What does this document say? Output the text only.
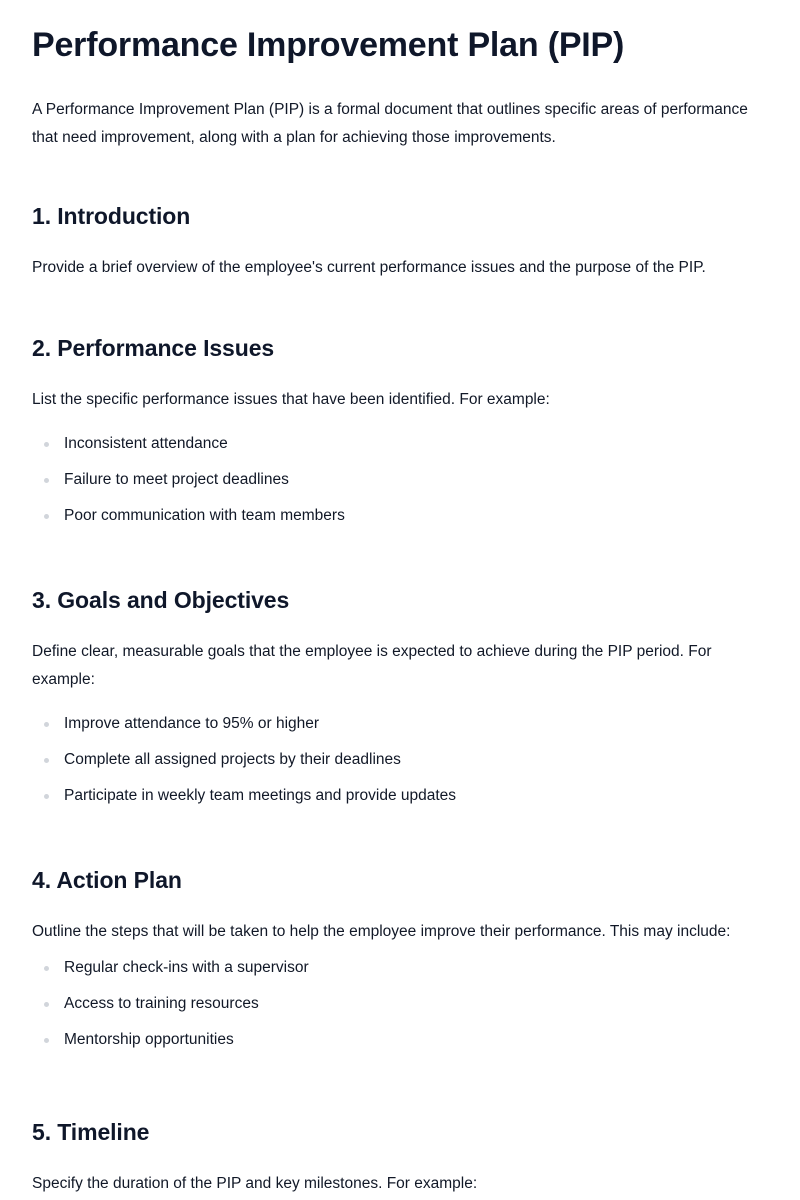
Performance Improvement Plan (PIP)

A Performance Improvement Plan (PIP) is a formal document that outlines specific areas of performance that need improvement, along with a plan for achieving those improvements.

1. Introduction

Provide a brief overview of the employee's current performance issues and the purpose of the PIP.

2. Performance Issues

List the specific performance issues that have been identified. For example:

Inconsistent attendance
Failure to meet project deadlines
Poor communication with team members
3. Goals and Objectives

Define clear, measurable goals that the employee is expected to achieve during the PIP period. For example:

Improve attendance to 95% or higher
Complete all assigned projects by their deadlines
Participate in weekly team meetings and provide updates
4. Action Plan

Outline the steps that will be taken to help the employee improve their performance. This may include:

Regular check-ins with a supervisor
Access to training resources
Mentorship opportunities
5. Timeline

Specify the duration of the PIP and key milestones. For example:
